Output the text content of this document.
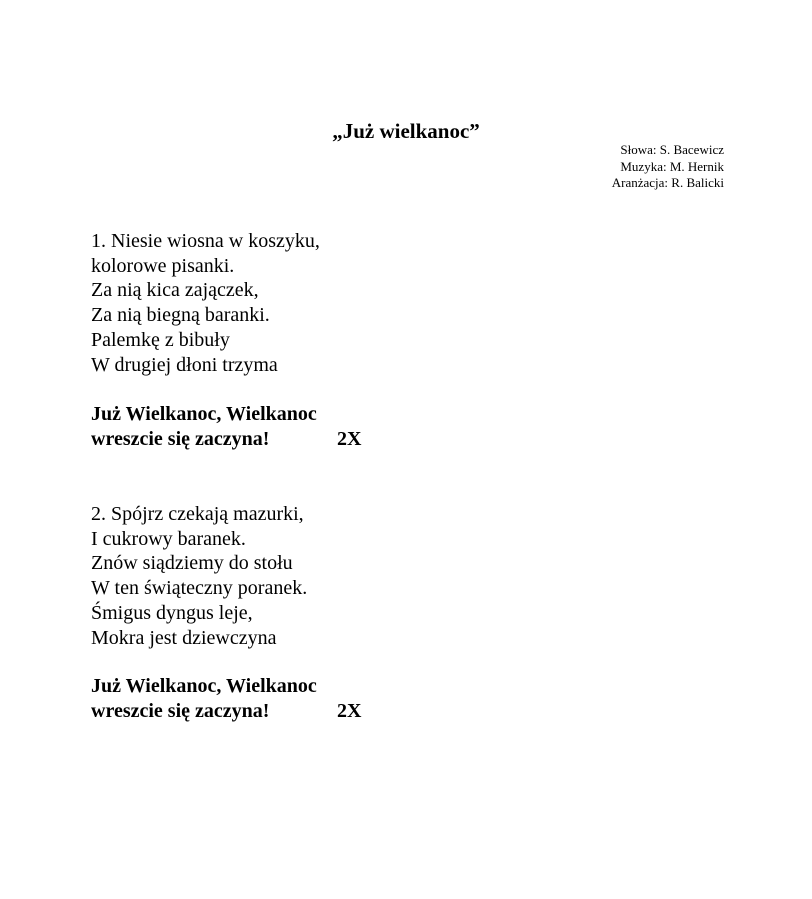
„Już wielkanoc”
Słowa: S. Bacewicz
Muzyka: M. Hernik
Aranżacja: R. Balicki
1. Niesie wiosna w koszyku,
kolorowe pisanki.
Za nią kica zajączek,
Za nią biegną baranki.
Palemkę z bibuły
W drugiej dłoni trzyma
Już Wielkanoc, Wielkanoc
wreszcie się zaczyna!	2X
2. Spójrz czekają mazurki,
I cukrowy baranek.
Znów siądziemy do stołu
W ten świąteczny poranek.
Śmigus dyngus leje,
Mokra jest dziewczyna
Już Wielkanoc, Wielkanoc
wreszcie się zaczyna!	2X
